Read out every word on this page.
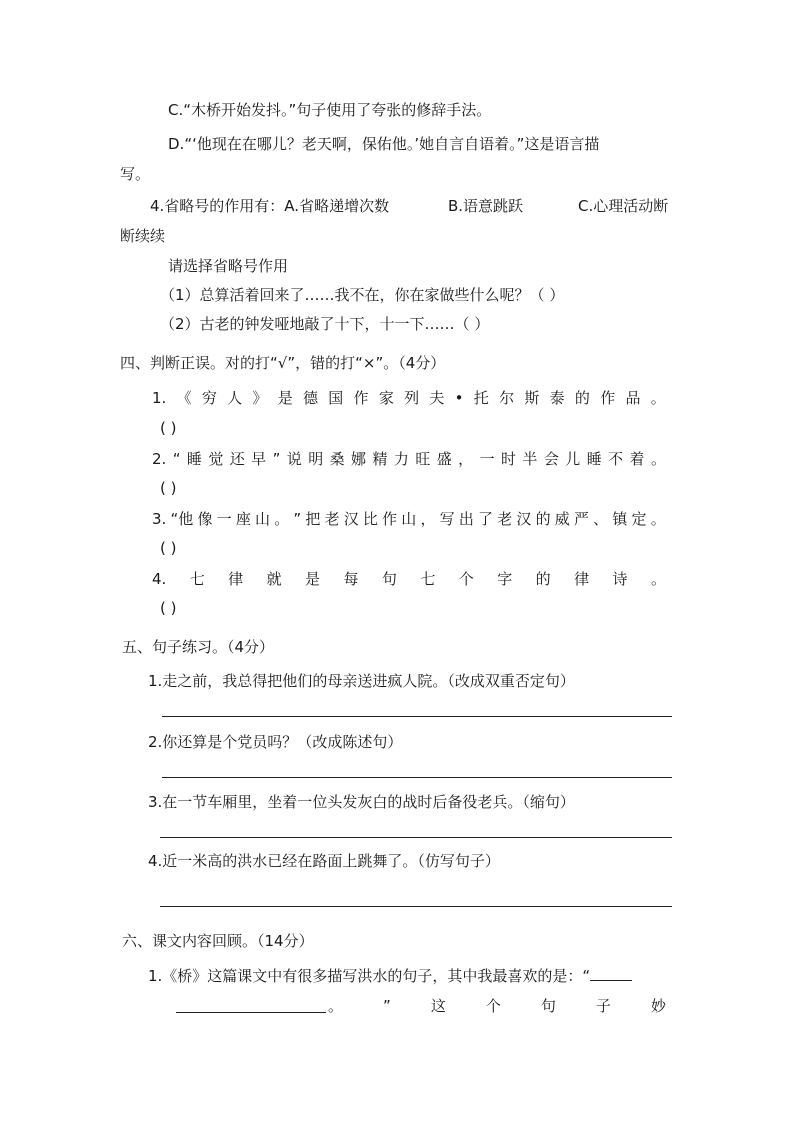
C.“木桥开始发抖。”句子使用了夸张的修辞手法。
D.“‘他现在在哪儿？老天啊，保佑他。’她自言自语着。”这是语言描
写。
4.省略号的作用有：A.省略递增次数	B.语意跳跃	C.心理活动断
断续续
请选择省略号作用
（1）总算活着回来了……我不在，你在家做些什么呢？（ ）
（2）古老的钟发哑地敲了十下，十一下……（ ）
四、判断正误。对的打“√”，错的打“×”。（4分）
1. 《 穷 人 》 是 德 国 作 家 列 夫 • 托 尔 斯 泰 的 作 品 。
( )
2. “ 睡 觉 还 早 ” 说 明 桑 娜 精 力 旺 盛 ， 一 时 半 会 儿 睡 不 着 。
( )
3. “他 像 一 座 山 。 ” 把 老 汉 比 作 山 ， 写 出 了 老 汉 的 威 严 、 镇 定 。
( )
4. 七 律 就 是 每 句 七 个 字 的 律 诗 。
( )
五、句子练习。（4分）
1.走之前，我总得把他们的母亲送进疯人院。（改成双重否定句）
2.你还算是个党员吗？（改成陈述句）
3.在一节车厢里，坐着一位头发灰白的战时后备役老兵。（缩句）
4.近一米高的洪水已经在路面上跳舞了。（仿写句子）
六、课文内容回顾。（14分）
1.《桥》这篇课文中有很多描写洪水的句子，其中我最喜欢的是：“
。	”	这	个	句	子	妙
